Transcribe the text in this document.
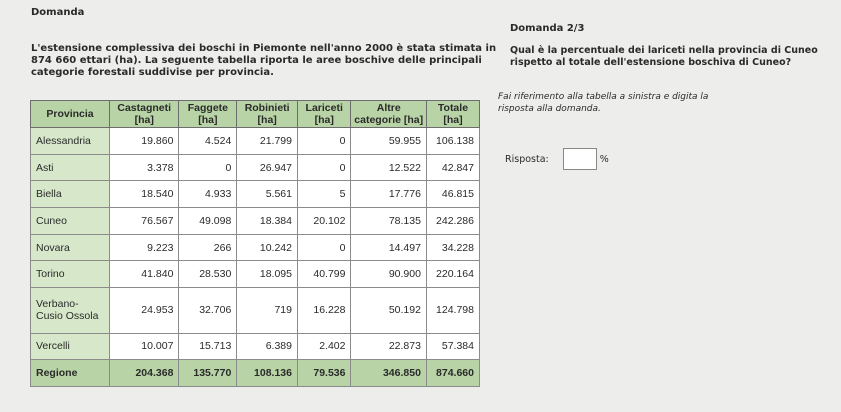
Domanda
L'estensione complessiva dei boschi in Piemonte nell'anno 2000 è stata stimata in 874 660 ettari (ha). La seguente tabella riporta le aree boschive delle principali categorie forestali suddivise per provincia.
Domanda 2/3
Qual è la percentuale dei lariceti nella provincia di Cuneo rispetto al totale dell'estensione boschiva di Cuneo?
Fai riferimento alla tabella a sinistra e digita la risposta alla domanda.
Risposta:	%
Provincia	Castagneti [ha]	Faggete [ha]	Robinieti [ha]	Lariceti [ha]	Altre categorie [ha]	Totale [ha]
Alessandria	19.860	4.524	21.799	0	59.955	106.138
Asti	3.378	0	26.947	0	12.522	42.847
Biella	18.540	4.933	5.561	5	17.776	46.815
Cuneo	76.567	49.098	18.384	20.102	78.135	242.286
Novara	9.223	266	10.242	0	14.497	34.228
Torino	41.840	28.530	18.095	40.799	90.900	220.164
Verbano-Cusio Ossola	24.953	32.706	719	16.228	50.192	124.798
Vercelli	10.007	15.713	6.389	2.402	22.873	57.384
Regione	204.368	135.770	108.136	79.536	346.850	874.660
